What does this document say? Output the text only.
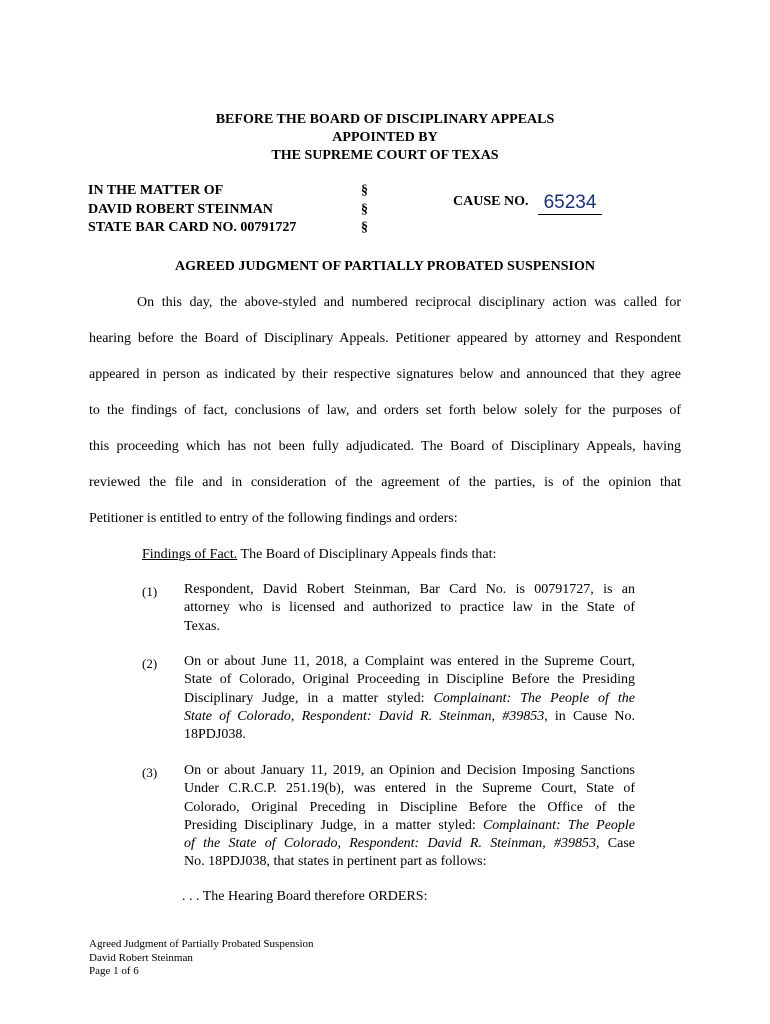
BEFORE THE BOARD OF DISCIPLINARY APPEALS
APPOINTED BY
THE SUPREME COURT OF TEXAS
IN THE MATTER OF
DAVID ROBERT STEINMAN
STATE BAR CARD NO. 00791727
§
§
§
CAUSE NO. 65234
AGREED JUDGMENT OF PARTIALLY PROBATED SUSPENSION
On this day, the above-styled and numbered reciprocal disciplinary action was called for
hearing before the Board of Disciplinary Appeals. Petitioner appeared by attorney and Respondent
appeared in person as indicated by their respective signatures below and announced that they agree
to the findings of fact, conclusions of law, and orders set forth below solely for the purposes of
this proceeding which has not been fully adjudicated. The Board of Disciplinary Appeals, having
reviewed the file and in consideration of the agreement of the parties, is of the opinion that
Petitioner is entitled to entry of the following findings and orders:
Findings of Fact. The Board of Disciplinary Appeals finds that:
(1) Respondent, David Robert Steinman, Bar Card No. is 00791727, is an
attorney who is licensed and authorized to practice law in the State of
Texas.
(2) On or about June 11, 2018, a Complaint was entered in the Supreme Court,
State of Colorado, Original Proceeding in Discipline Before the Presiding
Disciplinary Judge, in a matter styled: Complainant: The People of the
State of Colorado, Respondent: David R. Steinman, #39853, in Cause No.
18PDJ038.
(3) On or about January 11, 2019, an Opinion and Decision Imposing Sanctions
Under C.R.C.P. 251.19(b), was entered in the Supreme Court, State of
Colorado, Original Preceding in Discipline Before the Office of the
Presiding Disciplinary Judge, in a matter styled: Complainant: The People
of the State of Colorado, Respondent: David R. Steinman, #39853, Case
No. 18PDJ038, that states in pertinent part as follows:
. . . The Hearing Board therefore ORDERS:
Agreed Judgment of Partially Probated Suspension
David Robert Steinman
Page 1 of 6
